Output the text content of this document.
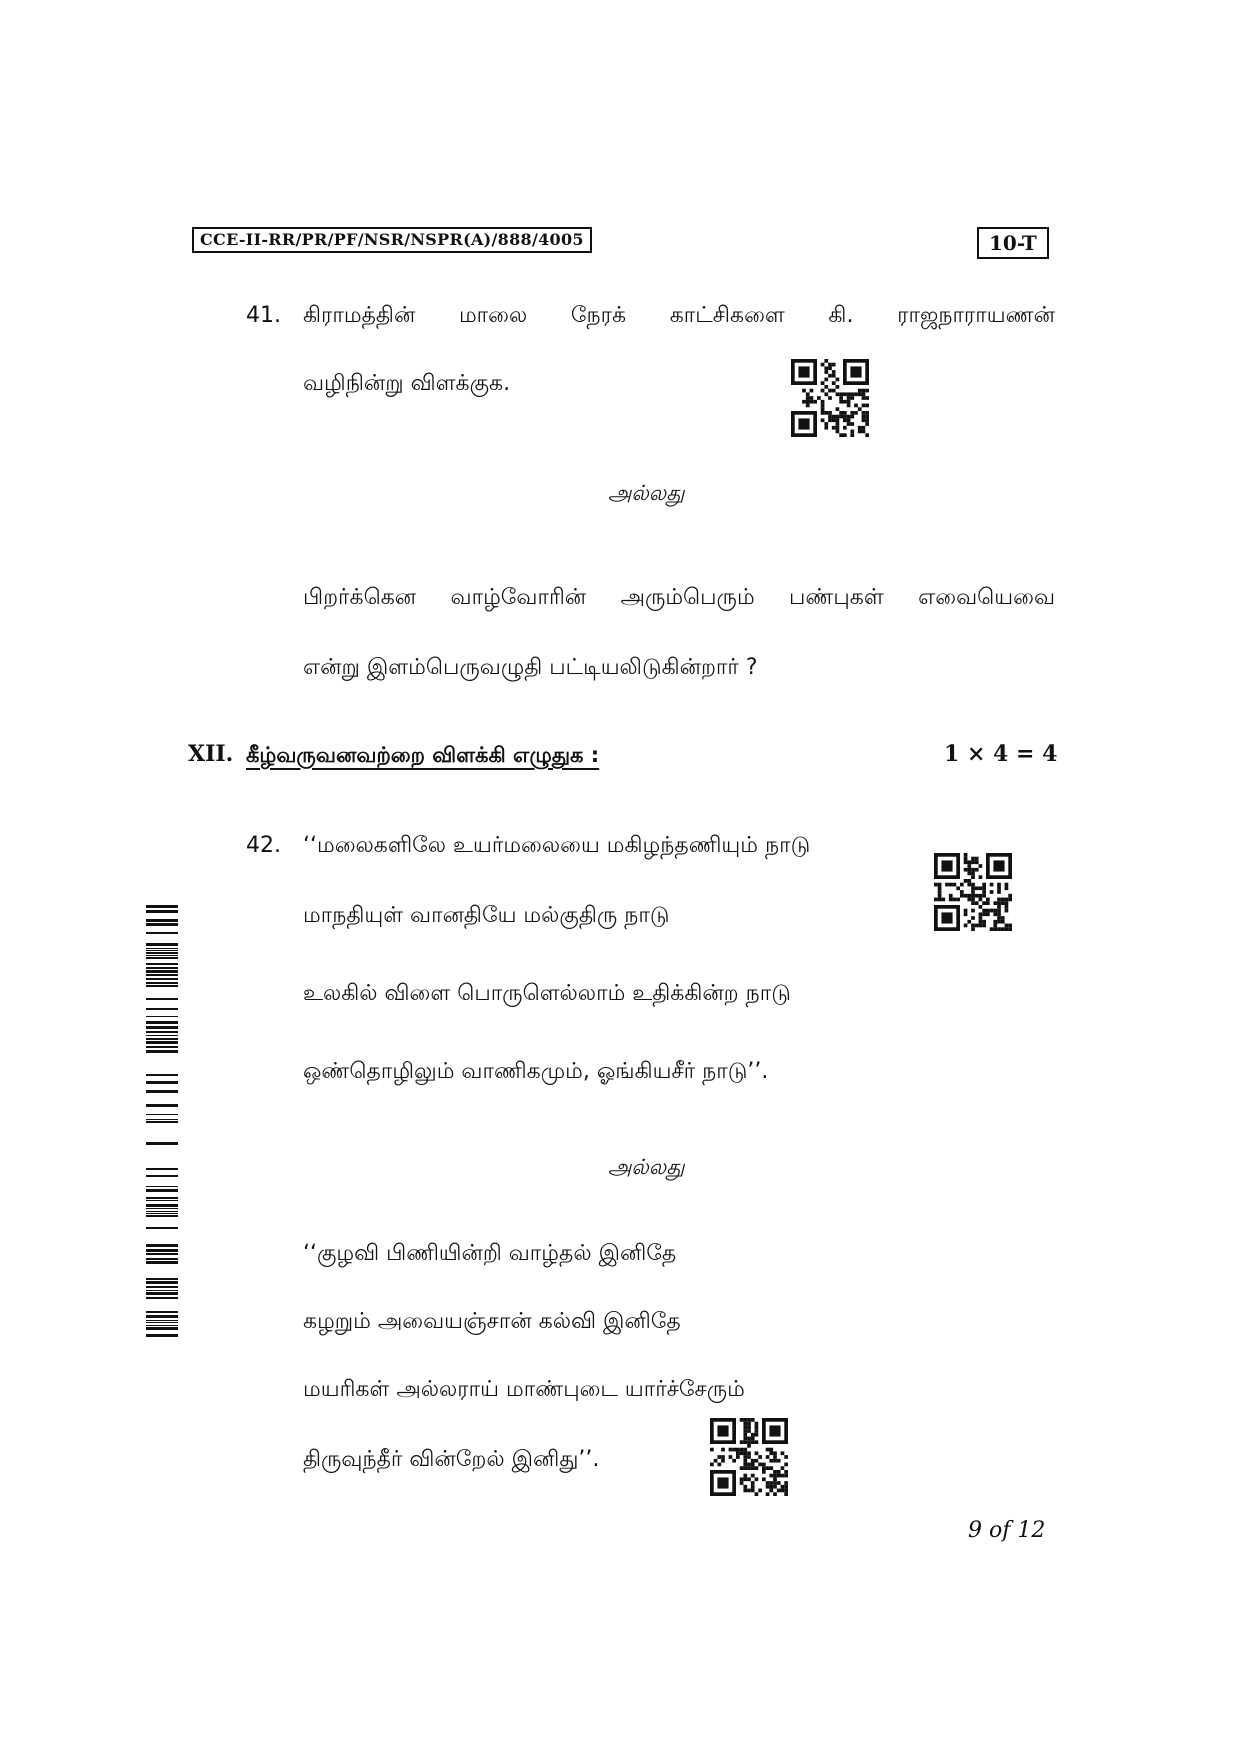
CCE-II-RR/PR/PF/NSR/NSPR(A)/888/4005	10-T
41. கிராமத்தின் மாலை நேரக் காட்சிகளை கி. ராஜநாராயணன்
வழிநின்று விளக்குக.
அல்லது
பிறர்க்கென வாழ்வோரின் அரும்பெரும் பண்புகள் எவையெவை
என்று இளம்பெருவழுதி பட்டியலிடுகின்றார் ?
XII. கீழ்வருவனவற்றை விளக்கி எழுதுக :	1 × 4 = 4
42. ‘‘மலைகளிலே உயர்மலையை மகிழந்தணியும் நாடு
மாநதியுள் வானதியே மல்குதிரு நாடு
உலகில் விளை பொருளெல்லாம் உதிக்கின்ற நாடு
ஒண்தொழிலும் வாணிகமும், ஓங்கியசீர் நாடு’’.
அல்லது
‘‘குழவி பிணியின்றி வாழ்தல் இனிதே
கழறும் அவையஞ்சான் கல்வி இனிதே
மயரிகள் அல்லராய் மாண்புடை யார்ச்சேரும்
திருவுந்தீர் வின்றேல் இனிது’’.
9 of 12
